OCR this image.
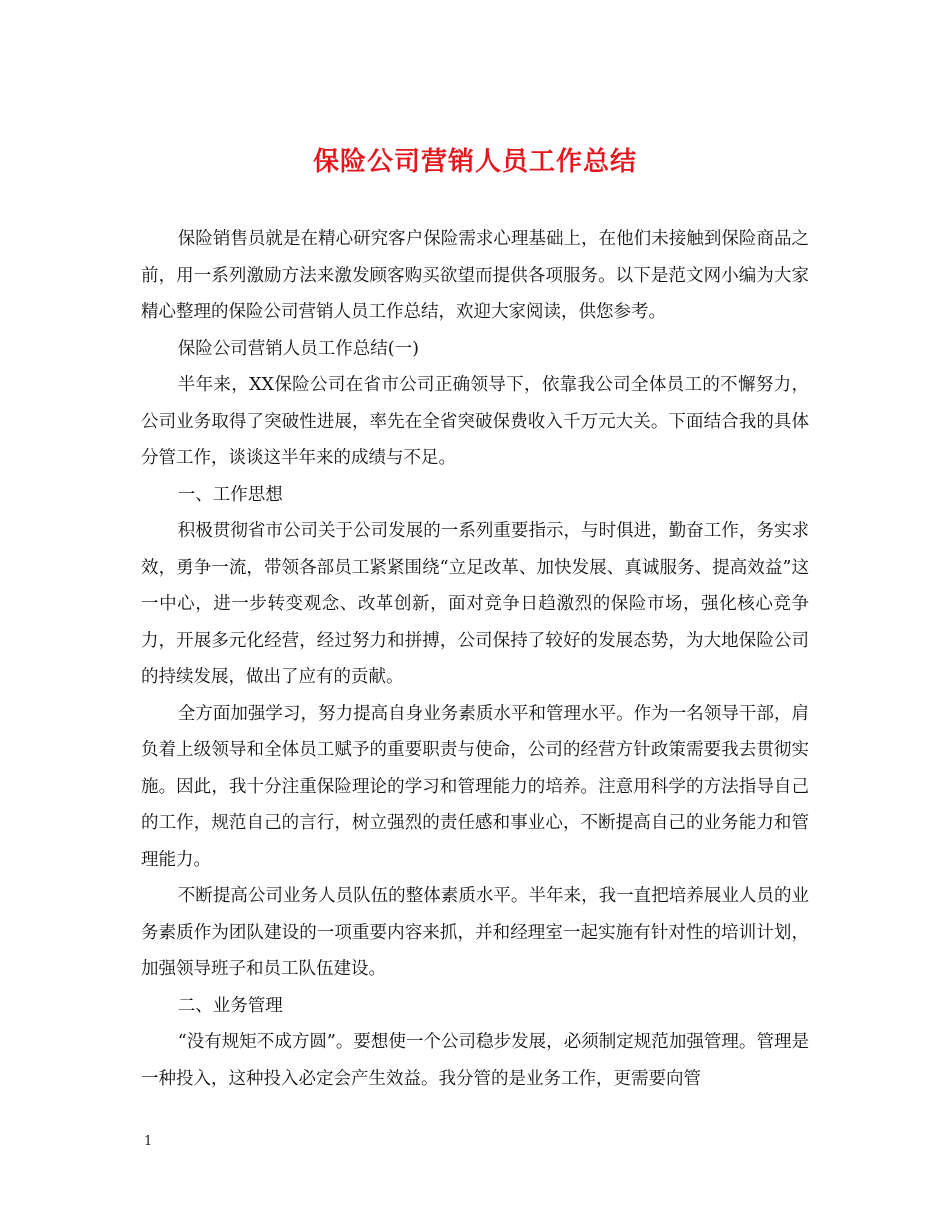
保险公司营销人员工作总结

保险销售员就是在精心研究客户保险需求心理基础上，在他们未接触到保险商品之前，用一系列激励方法来激发顾客购买欲望而提供各项服务。以下是范文网小编为大家精心整理的保险公司营销人员工作总结，欢迎大家阅读，供您参考。

保险公司营销人员工作总结(一)

半年来，XX保险公司在省市公司正确领导下，依靠我公司全体员工的不懈努力，公司业务取得了突破性进展，率先在全省突破保费收入千万元大关。下面结合我的具体分管工作，谈谈这半年来的成绩与不足。

一、工作思想

积极贯彻省市公司关于公司发展的一系列重要指示，与时俱进，勤奋工作，务实求效，勇争一流，带领各部员工紧紧围绕“立足改革、加快发展、真诚服务、提高效益”这一中心，进一步转变观念、改革创新，面对竞争日趋激烈的保险市场，强化核心竞争力，开展多元化经营，经过努力和拼搏，公司保持了较好的发展态势，为大地保险公司的持续发展，做出了应有的贡献。

全方面加强学习，努力提高自身业务素质水平和管理水平。作为一名领导干部，肩负着上级领导和全体员工赋予的重要职责与使命，公司的经营方针政策需要我去贯彻实施。因此，我十分注重保险理论的学习和管理能力的培养。注意用科学的方法指导自己的工作，规范自己的言行，树立强烈的责任感和事业心，不断提高自己的业务能力和管理能力。

不断提高公司业务人员队伍的整体素质水平。半年来，我一直把培养展业人员的业务素质作为团队建设的一项重要内容来抓，并和经理室一起实施有针对性的培训计划，加强领导班子和员工队伍建设。

二、业务管理

“没有规矩不成方圆”。要想使一个公司稳步发展，必须制定规范加强管理。管理是一种投入，这种投入必定会产生效益。我分管的是业务工作，更需要向管

1
